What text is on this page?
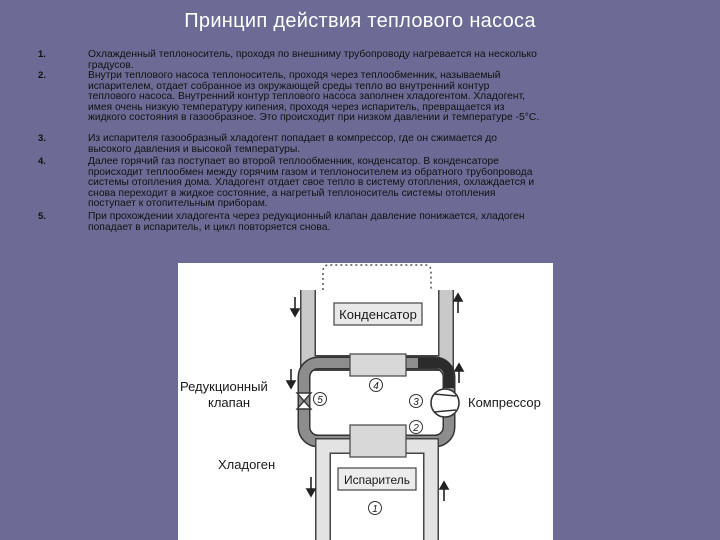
Принцип действия теплового насоса
1.	Охлажденный теплоноситель, проходя по внешниму трубопроводу нагревается на несколько
градусов.
2.	Внутри теплового насоса теплоноситель, проходя через теплообменник, называемый
испарителем, отдает собранное из окружающей среды тепло во внутренний контур
теплового насоса. Внутренний контур теплового насоса заполнен хладогентом. Хладогент,
имея очень низкую температуру кипения, проходя через испаритель, превращается из
жидкого состояния в газообразное. Это происходит при низком давлении и температуре -5°С.
3.	Из испарителя газообразный хладогент попадает в компрессор, где он сжимается до
высокого давления и высокой температуры.
4.	Далее горячий газ поступает во второй теплообменник, конденсатор. В конденсаторе
происходит теплообмен между горячим газом и теплоносителем из обратного трубопровода
системы отопления дома. Хладогент отдает свое тепло в систему отопления, охлаждается и
снова переходит в жидкое состояние, а нагретый теплоноситель системы отопления
поступает к отопительным приборам.
5.	При прохождении хладогента через редукционный клапан давление понижается, хладоген
попадает в испаритель, и цикл повторяется снова.
Конденсатор
Испаритель
Компрессор
Редукционный
клапан
Хладоген
1
2
3
4
5
